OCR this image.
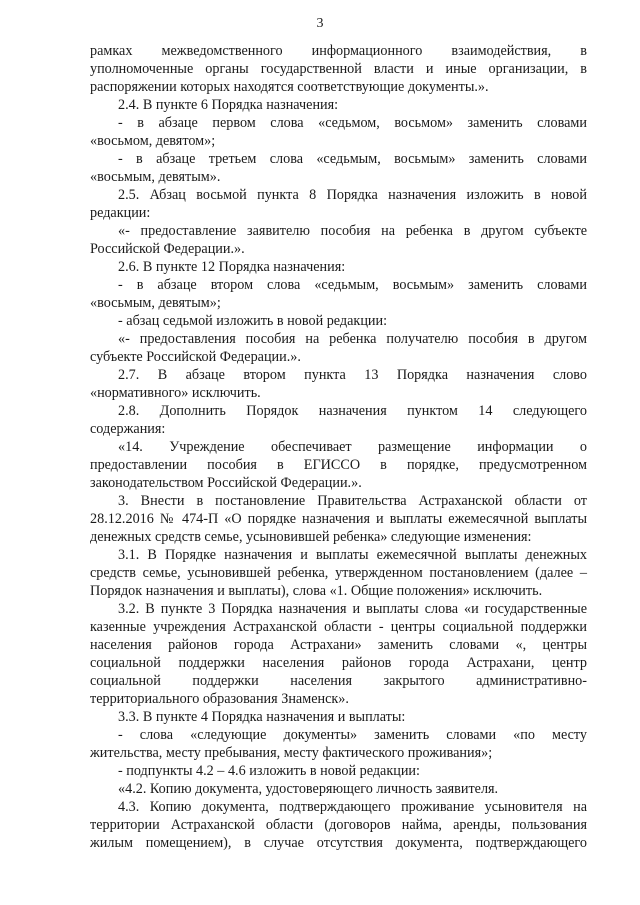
3

рамках межведомственного информационного взаимодействия, в

уполномоченные органы государственной власти и иные организации, в

распоряжении которых находятся соответствующие документы.».

2.4. В пункте 6 Порядка назначения:

- в абзаце первом слова «седьмом, восьмом» заменить словами

«восьмом, девятом»;

- в абзаце третьем слова «седьмым, восьмым» заменить словами

«восьмым, девятым».

2.5. Абзац восьмой пункта 8 Порядка назначения изложить в новой

редакции:

«- предоставление заявителю пособия на ребенка в другом субъекте

Российской Федерации.».

2.6. В пункте 12 Порядка назначения:

- в абзаце втором слова «седьмым, восьмым» заменить словами

«восьмым, девятым»;

- абзац седьмой изложить в новой редакции:

«- предоставления пособия на ребенка получателю пособия в другом

субъекте Российской Федерации.».

2.7. В абзаце втором пункта 13 Порядка назначения слово

«нормативного» исключить.

2.8. Дополнить Порядок назначения пунктом 14 следующего

содержания:

«14. Учреждение обеспечивает размещение информации о

предоставлении пособия в ЕГИССО в порядке, предусмотренном

законодательством Российской Федерации.».

3. Внести в постановление Правительства Астраханской области от

28.12.2016 № 474-П «О порядке назначения и выплаты ежемесячной выплаты

денежных средств семье, усыновившей ребенка» следующие изменения:

3.1. В Порядке назначения и выплаты ежемесячной выплаты денежных

средств семье, усыновившей ребенка, утвержденном постановлением (далее –

Порядок назначения и выплаты), слова «1. Общие положения» исключить.

3.2. В пункте 3 Порядка назначения и выплаты слова «и государственные

казенные учреждения Астраханской области - центры социальной поддержки

населения районов города Астрахани» заменить словами «, центры

социальной поддержки населения районов города Астрахани, центр

социальной поддержки населения закрытого административно-

территориального образования Знаменск».

3.3. В пункте 4 Порядка назначения и выплаты:

- слова «следующие документы» заменить словами «по месту

жительства, месту пребывания, месту фактического проживания»;

- подпункты 4.2 – 4.6 изложить в новой редакции:

«4.2. Копию документа, удостоверяющего личность заявителя.

4.3. Копию документа, подтверждающего проживание усыновителя на

территории Астраханской области (договоров найма, аренды, пользования

жилым помещением), в случае отсутствия документа, подтверждающего
